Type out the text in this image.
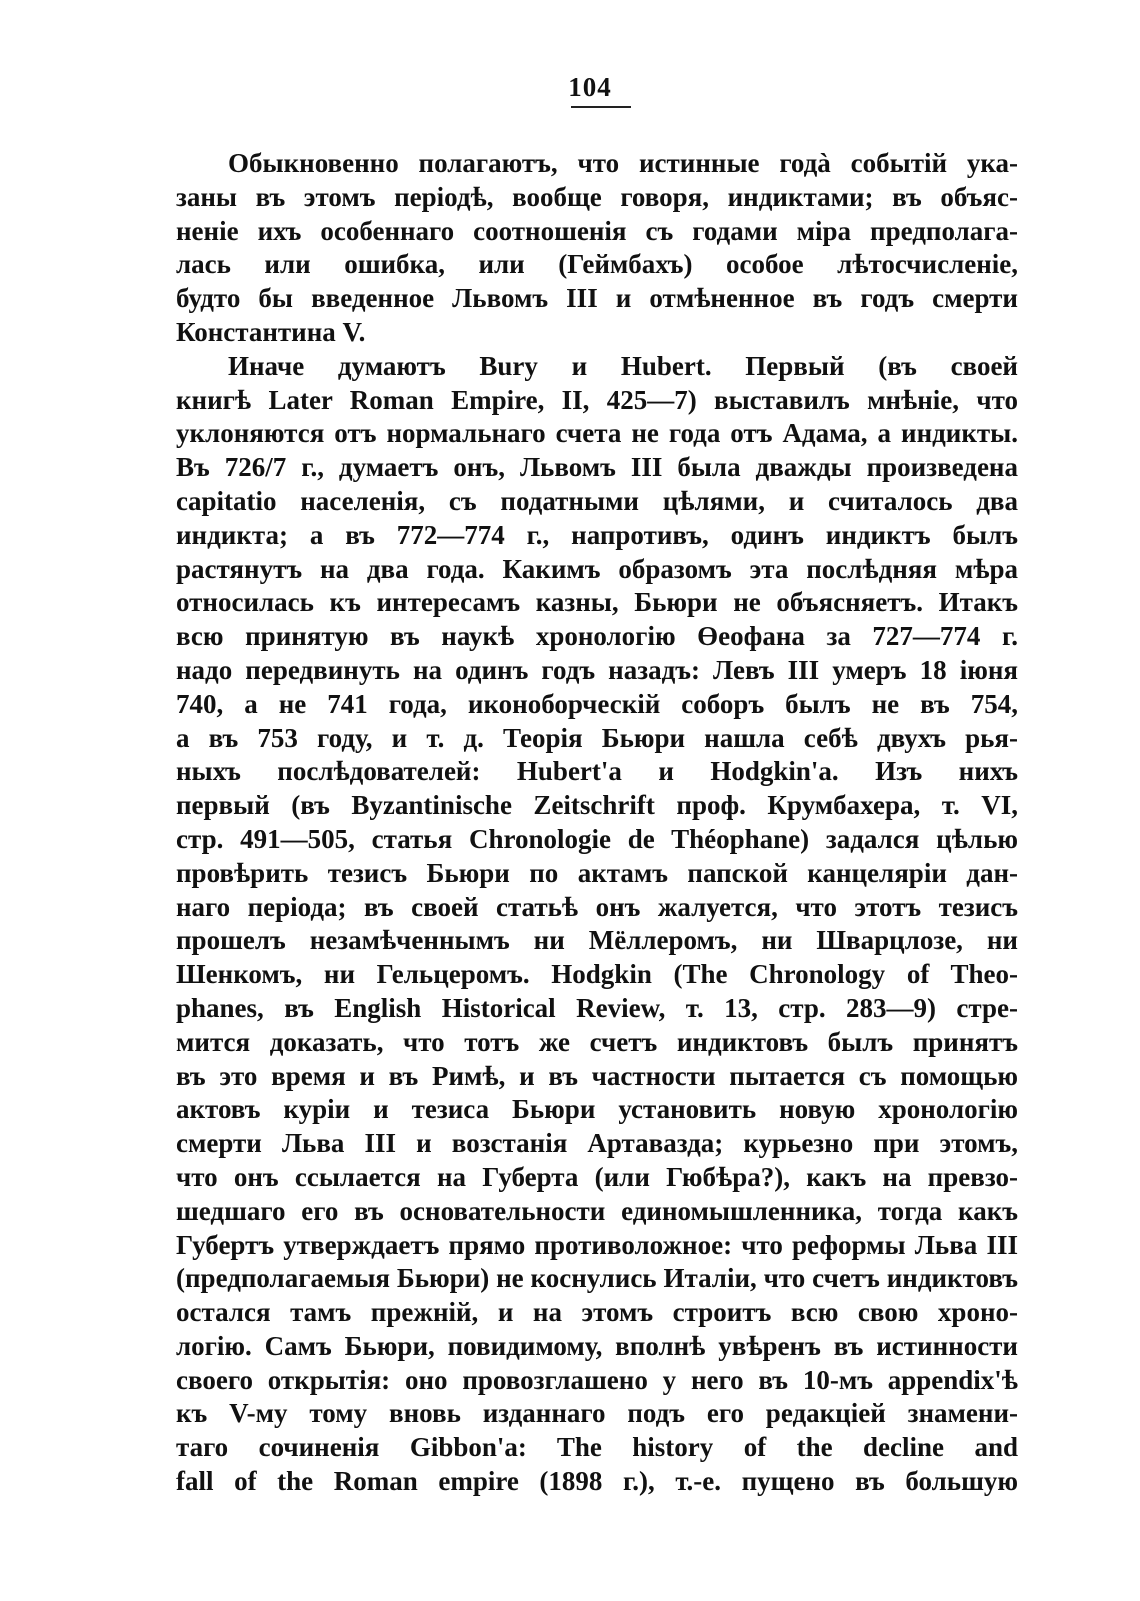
104
Обыкновенно полагаютъ, что истинные годà событій ука-
заны въ этомъ періодѣ, вообще говоря, индиктами; въ объяс-
неніе ихъ особеннаго соотношенія съ годами міра предполага-
лась или ошибка, или (Геймбахъ) особое лѣтосчисленіе,
будто бы введенное Львомъ III и отмѣненное въ годъ смерти
Константина V.
Иначе думаютъ Bury и Hubert. Первый (въ своей
книгѣ Later Roman Empire, II, 425—7) выставилъ мнѣніе, что
уклоняются отъ нормальнаго счета не года отъ Адама, а индикты.
Въ 726/7 г., думаетъ онъ, Львомъ III была дважды произведена
capitatio населенія, съ податными цѣлями, и считалось два
индикта; а въ 772—774 г., напротивъ, одинъ индиктъ былъ
растянутъ на два года. Какимъ образомъ эта послѣдняя мѣра
относилась къ интересамъ казны, Бьюри не объясняетъ. Итакъ
всю принятую въ наукѣ хронологію Өеофана за 727—774 г.
надо передвинуть на одинъ годъ назадъ: Левъ III умеръ 18 іюня
740, а не 741 года, иконоборческій соборъ былъ не въ 754,
а въ 753 году, и т. д. Теорія Бьюри нашла себѣ двухъ рья-
ныхъ послѣдователей: Hubert'a и Hodgkin'a. Изъ нихъ
первый (въ Byzantinische Zeitschrift проф. Крумбахера, т. VI,
стр. 491—505, статья Chronologie de Théophane) задался цѣлью
провѣрить тезисъ Бьюри по актамъ папской канцеляріи дан-
наго періода; въ своей статьѣ онъ жалуется, что этотъ тезисъ
прошелъ незамѣченнымъ ни Мёллеромъ, ни Шварцлозе, ни
Шенкомъ, ни Гельцеромъ. Hodgkin (The Chronology of Theo-
phanes, въ English Historical Review, т. 13, стр. 283—9) стре-
мится доказать, что тотъ же счетъ индиктовъ былъ принятъ
въ это время и въ Римѣ, и въ частности пытается съ помощью
актовъ куріи и тезиса Бьюри установить новую хронологію
смерти Льва III и возстанія Артавазда; курьезно при этомъ,
что онъ ссылается на Губерта (или Гюбѣра?), какъ на превзо-
шедшаго его въ основательности единомышленника, тогда какъ
Губертъ утверждаетъ прямо противоложное: что реформы Льва III
(предполагаемыя Бьюри) не коснулись Италіи, что счетъ индиктовъ
остался тамъ прежній, и на этомъ строитъ всю свою хроно-
логію. Самъ Бьюри, повидимому, вполнѣ увѣренъ въ истинности
своего открытія: оно провозглашено у него въ 10-мъ appendix'ѣ
къ V-му тому вновь изданнаго подъ его редакціей знамени-
таго сочиненія Gibbon'a: The history of the decline and
fall of the Roman empire (1898 г.), т.-е. пущено въ большую
